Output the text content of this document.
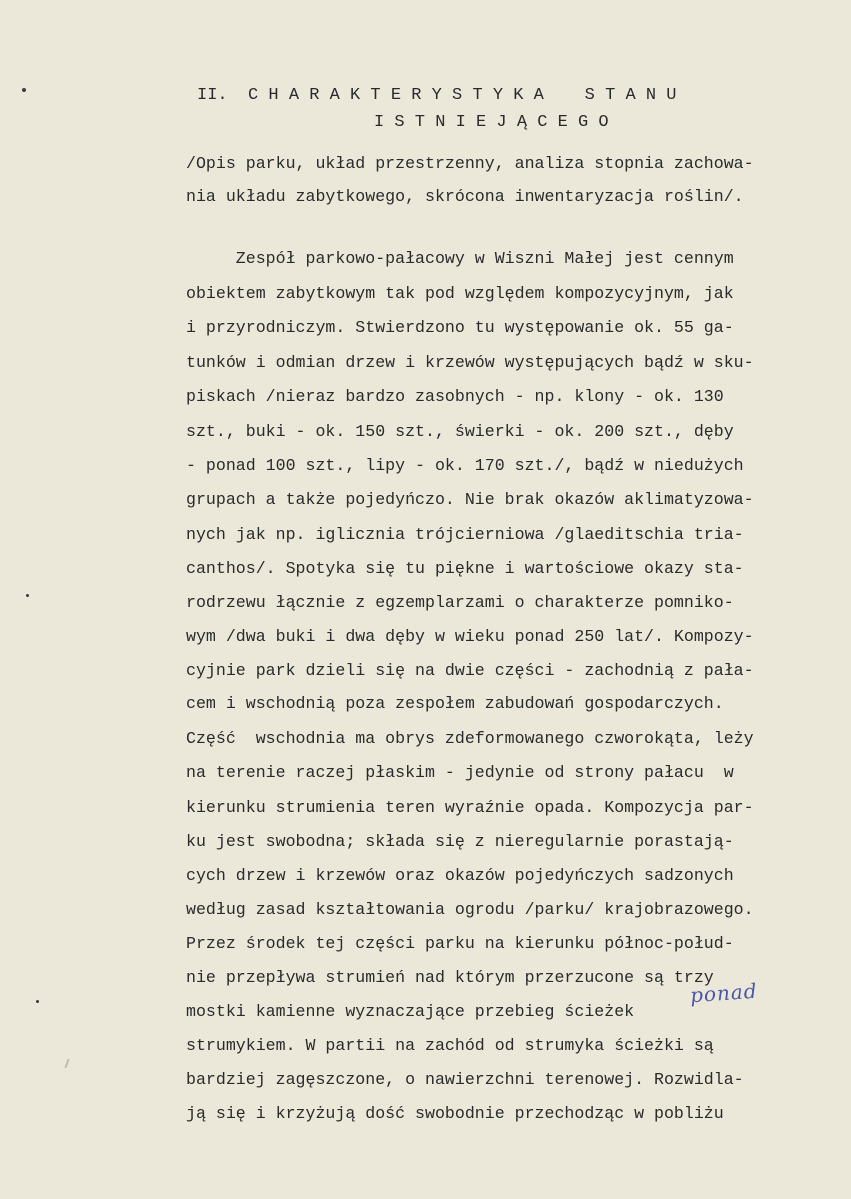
II.  C H A R A K T E R Y S T Y K A    S T A N U
I S T N I E J Ą C E G O
/Opis parku, układ przestrzenny, analiza stopnia zachowa-
nia układu zabytkowego, skrócona inwentaryzacja roślin/.
Zespół parkowo-pałacowy w Wiszni Małej jest cennym
obiektem zabytkowym tak pod względem kompozycyjnym, jak
i przyrodniczym. Stwierdzono tu występowanie ok. 55 ga-
tunków i odmian drzew i krzewów występujących bądź w sku-
piskach /nieraz bardzo zasobnych - np. klony - ok. 130
szt., buki - ok. 150 szt., świerki - ok. 200 szt., dęby
- ponad 100 szt., lipy - ok. 170 szt./, bądź w niedużych
grupach a także pojedyńczo. Nie brak okazów aklimatyzowa-
nych jak np. iglicznia trójcierniowa /glaeditschia tria-
canthos/. Spotyka się tu piękne i wartościowe okazy sta-
rodrzewu łącznie z egzemplarzami o charakterze pomniko-
wym /dwa buki i dwa dęby w wieku ponad 250 lat/. Kompozy-
cyjnie park dzieli się na dwie części - zachodnią z pała-
cem i wschodnią poza zespołem zabudowań gospodarczych.
Część  wschodnia ma obrys zdeformowanego czworokąta, leży
na terenie raczej płaskim - jedynie od strony pałacu  w
kierunku strumienia teren wyraźnie opada. Kompozycja par-
ku jest swobodna; składa się z nieregularnie porastają-
cych drzew i krzewów oraz okazów pojedyńczych sadzonych
według zasad kształtowania ogrodu /parku/ krajobrazowego.
Przez środek tej części parku na kierunku północ-połud-
nie przepływa strumień nad którym przerzucone są trzy
mostki kamienne wyznaczające przebieg ścieżek
strumykiem. W partii na zachód od strumyka ścieżki są
bardziej zagęszczone, o nawierzchni terenowej. Rozwidla-
ją się i krzyżują dość swobodnie przechodząc w pobliżu
ponad
